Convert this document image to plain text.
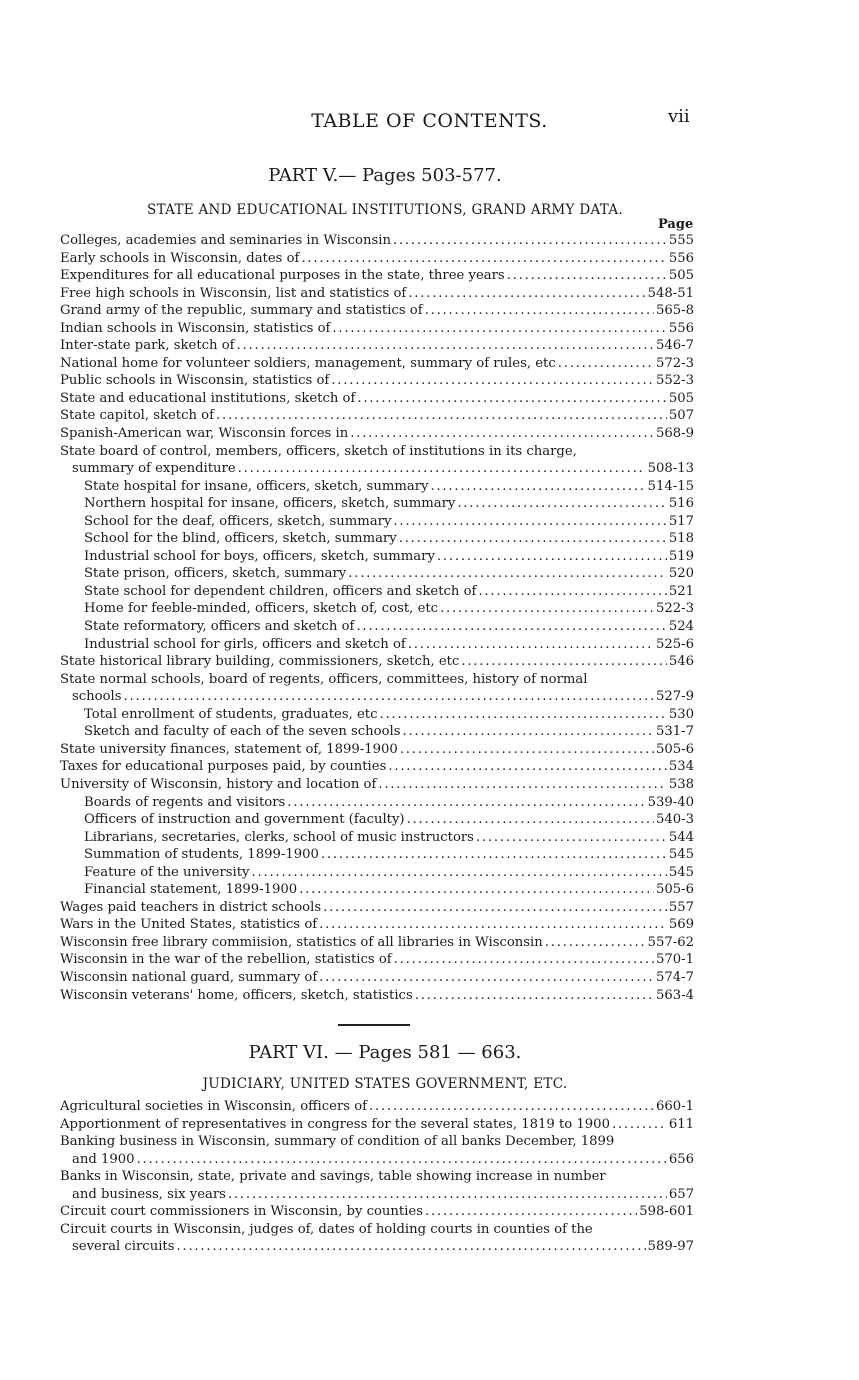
TABLE OF CONTENTS.	vii
PART V.— Pages 503-577.
STATE AND EDUCATIONAL INSTITUTIONS, GRAND ARMY DATA.
Page
Colleges, academies and seminaries in Wisconsin . . .	555
Early schools in Wisconsin, dates of . . .	556
Expenditures for all educational purposes in the state, three years . . .	505
Free high schools in Wisconsin, list and statistics of . . .	548-51
Grand army of the republic, summary and statistics of . . .	565-8
Indian schools in Wisconsin, statistics of . . .	556
Inter-state park, sketch of . . .	546-7
National home for volunteer soldiers, management, summary of rules, etc . . .	572-3
Public schools in Wisconsin, statistics of . . .	552-3
State and educational institutions, sketch of . . .	505
State capitol, sketch of . . .	507
Spanish-American war, Wisconsin forces in . . .	568-9
State board of control, members, officers, sketch of institutions in its charge,
summary of expenditure . . .	508-13
State hospital for insane, officers, sketch, summary . . .	514-15
Northern hospital for insane, officers, sketch, summary . . .	516
School for the deaf, officers, sketch, summary . . .	517
School for the blind, officers, sketch, summary . . .	518
Industrial school for boys, officers, sketch, summary . . .	519
State prison, officers, sketch, summary . . .	520
State school for dependent children, officers and sketch of . . .	521
Home for feeble-minded, officers, sketch of, cost, etc . . .	522-3
State reformatory, officers and sketch of . . .	524
Industrial school for girls, officers and sketch of . . .	525-6
State historical library building, commissioners, sketch, etc . . .	546
State normal schools, board of regents, officers, committees, history of normal
schools . . .	527-9
Total enrollment of students, graduates, etc . . .	530
Sketch and faculty of each of the seven schools . . .	531-7
State university finances, statement of, 1899-1900 . . .	505-6
Taxes for educational purposes paid, by counties . . .	534
University of Wisconsin, history and location of . . .	538
Boards of regents and visitors . . .	539-40
Officers of instruction and government (faculty) . . .	540-3
Librarians, secretaries, clerks, school of music instructors . . .	544
Summation of students, 1899-1900 . . .	545
Feature of the university . . .	545
Financial statement, 1899-1900 . . .	505-6
Wages paid teachers in district schools . . .	557
Wars in the United States, statistics of . . .	569
Wisconsin free library commiision, statistics of all libraries in Wisconsin . . .	557-62
Wisconsin in the war of the rebellion, statistics of . . .	570-1
Wisconsin national guard, summary of . . .	574-7
Wisconsin veterans' home, officers, sketch, statistics . . .	563-4
PART VI. — Pages 581 — 663.
JUDICIARY, UNITED STATES GOVERNMENT, ETC.
Agricultural societies in Wisconsin, officers of . . .	660-1
Apportionment of representatives in congress for the several states, 1819 to 1900 . . .	611
Banking business in Wisconsin, summary of condition of all banks December, 1899
and 1900 . . .	656
Banks in Wisconsin, state, private and savings, table showing increase in number
and business, six years . . .	657
Circuit court commissioners in Wisconsin, by counties . . .	598-601
Circuit courts in Wisconsin, judges of, dates of holding courts in counties of the
several circuits . . .	589-97
